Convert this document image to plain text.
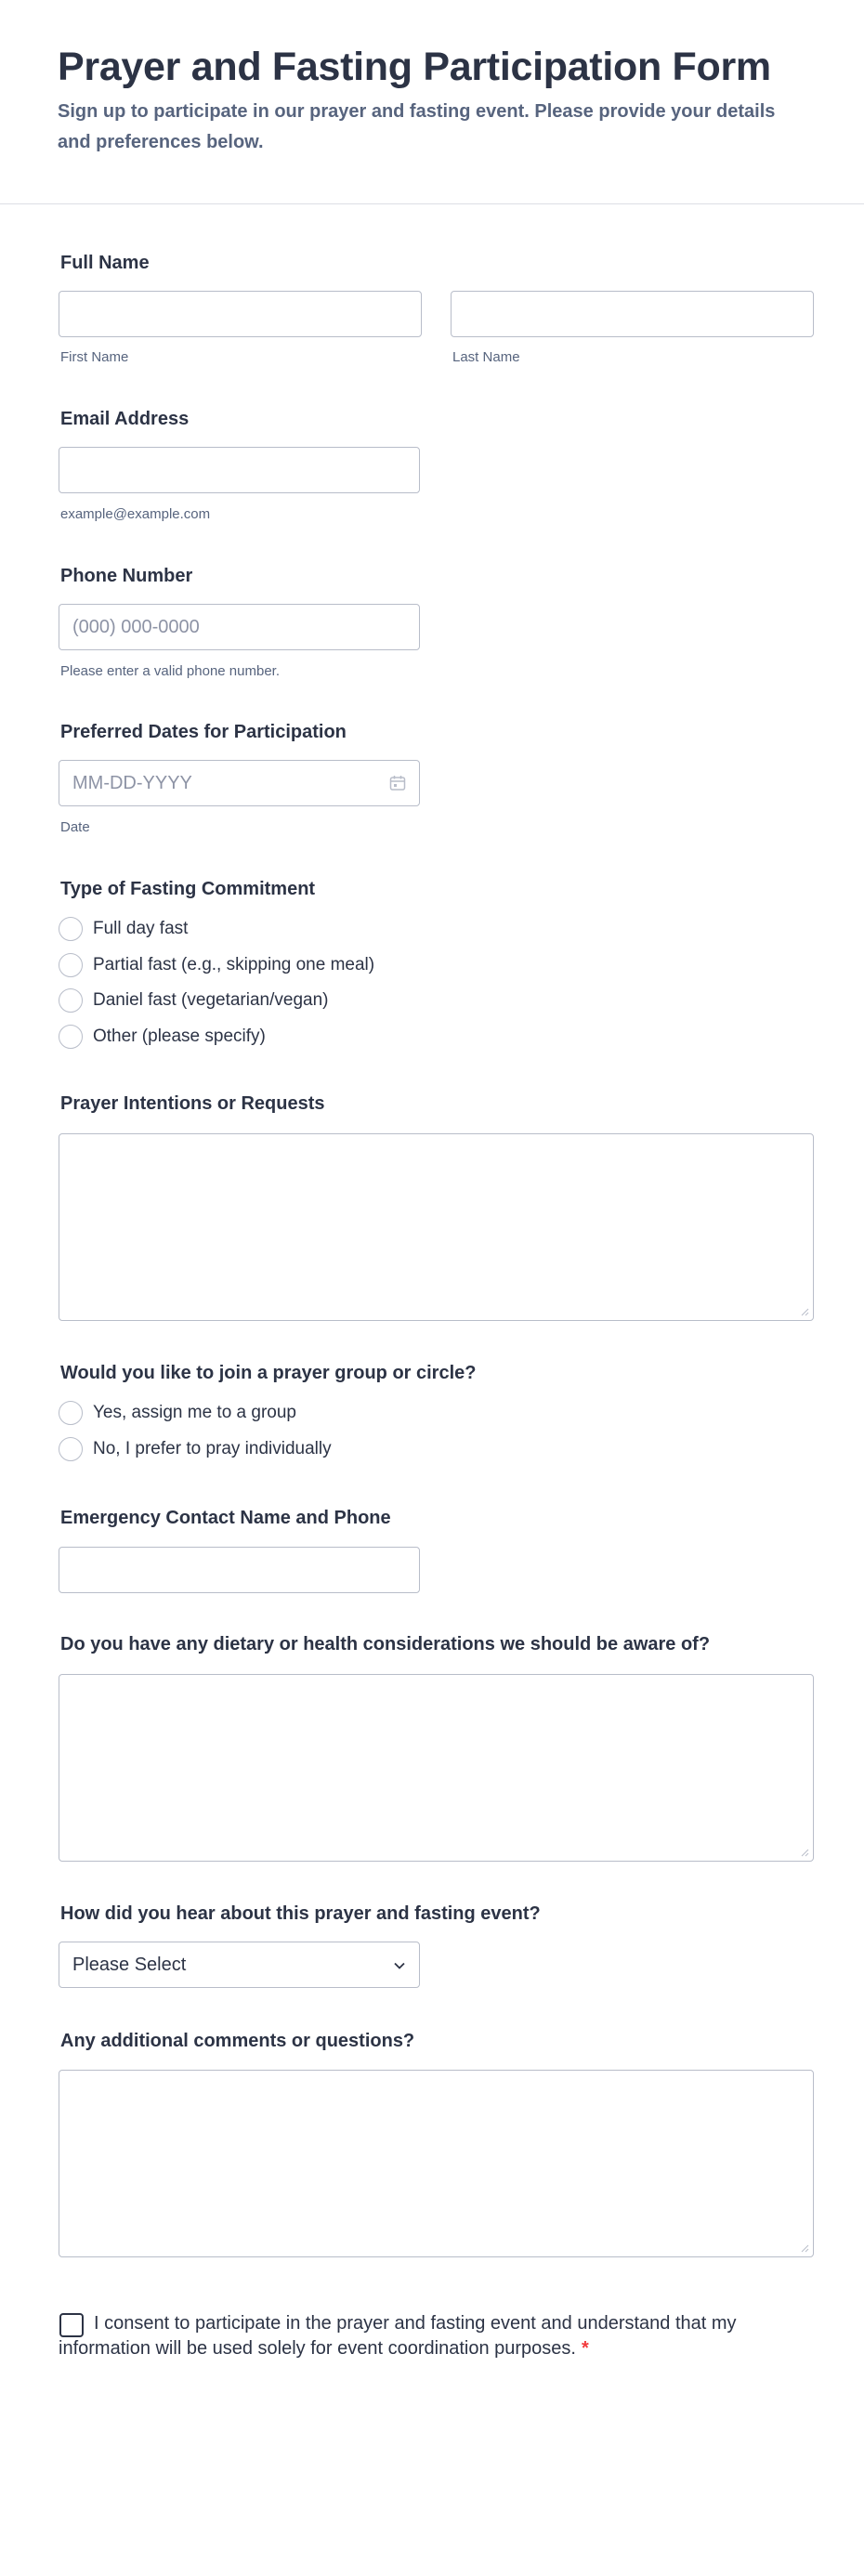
Prayer and Fasting Participation Form
Sign up to participate in our prayer and fasting event. Please provide your details and preferences below.
Full Name
First Name	Last Name
Email Address
example@example.com
Phone Number
(000) 000-0000
Please enter a valid phone number.
Preferred Dates for Participation
MM-DD-YYYY
Date
Type of Fasting Commitment
Full day fast
Partial fast (e.g., skipping one meal)
Daniel fast (vegetarian/vegan)
Other (please specify)
Prayer Intentions or Requests
Would you like to join a prayer group or circle?
Yes, assign me to a group
No, I prefer to pray individually
Emergency Contact Name and Phone
Do you have any dietary or health considerations we should be aware of?
How did you hear about this prayer and fasting event?
Please Select
Any additional comments or questions?
I consent to participate in the prayer and fasting event and understand that my information will be used solely for event coordination purposes. *
